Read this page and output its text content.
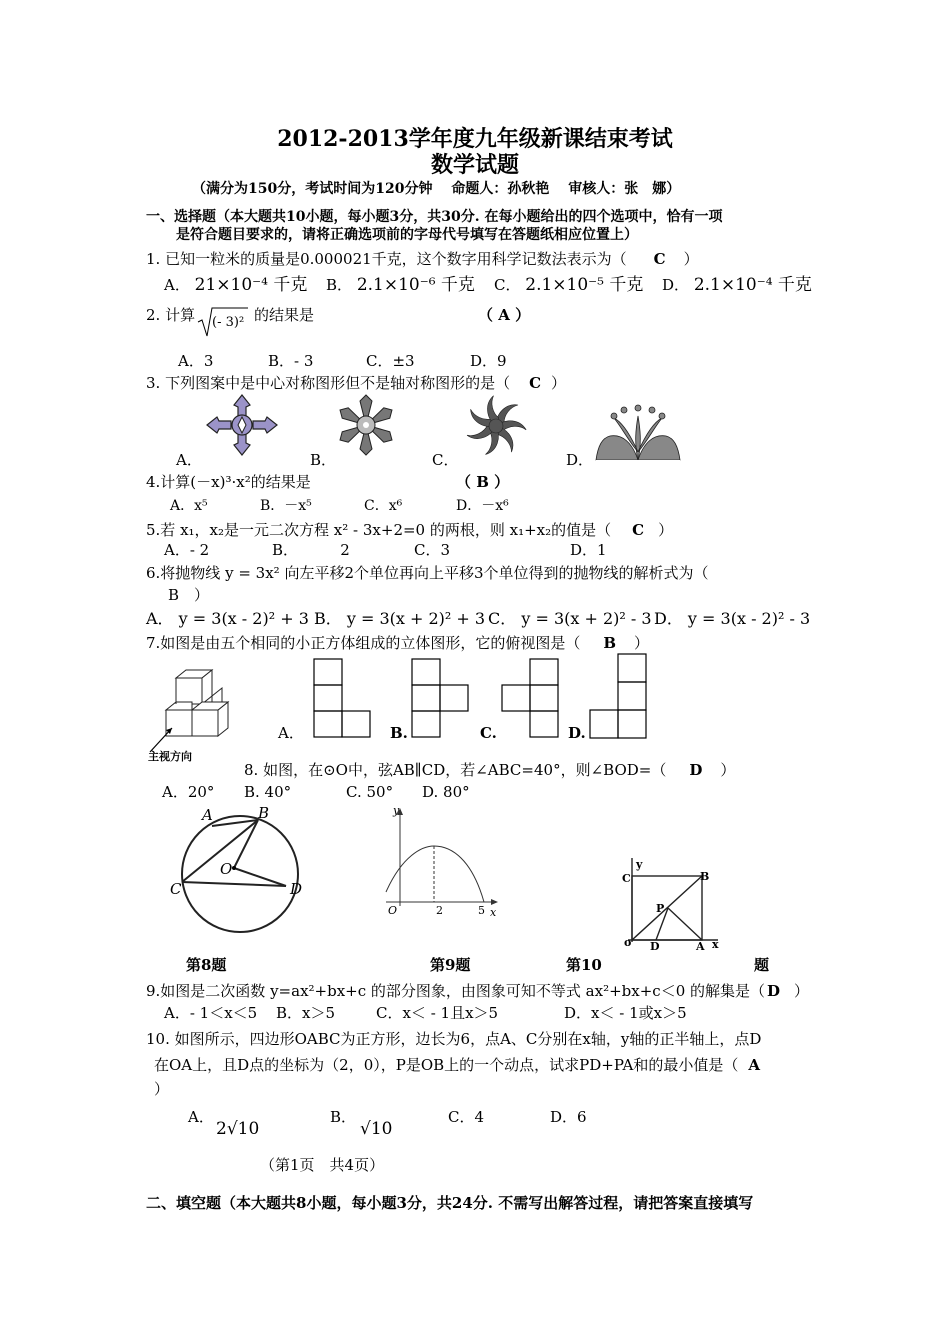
2012-2013学年度九年级新课结束考试
数学试题
（满分为150分，考试时间为120分钟　 命题人：孙秋艳　 审核人：张　娜）
一、选择题（本大题共10小题，每小题3分，共30分. 在每小题给出的四个选项中，恰有一项
是符合题目要求的，请将正确选项前的字母代号填写在答题纸相应位置上）
1. 已知一粒米的质量是0.000021千克，这个数字用科学记数法表示为（　C ）
A． 21×10⁻⁴ 千克 B． 2.1×10⁻⁶ 千克 C． 2.1×10⁻⁵ 千克 D． 2.1×10⁻⁴ 千克
2. 计算 (- 3)² 的结果是	（ A ）
A．3	B．- 3	C．±3	D．9
3. 下列图案中是中心对称图形但不是轴对称图形的是（　C ）
A．	B．	C．	D．
4.计算(－x)³·x²的结果是	（ B ）
A．x⁵	B．－x⁵	C．x⁶	D．－x⁶
5.若 x₁，x₂是一元二次方程 x² - 3x+2=0 的两根，则 x₁+x₂的值是（　C ）
A．- 2	B．　　　 2	C．3	D．1
6.将抛物线 y = 3x² 向左平移2个单位再向上平移3个单位得到的抛物线的解析式为（
B　）
A． y = 3(x - 2)² + 3 B． y = 3(x + 2)² + 3 C． y = 3(x + 2)² - 3 D． y = 3(x - 2)² - 3
7.如图是由五个相同的小正方体组成的立体图形，它的俯视图是（　B ）
主视方向
A．	B.	C.	D.
8. 如图，在⊙O中，弦AB∥CD，若∠ABC=40°，则∠BOD=（　D ）
A．20° B. 40°	C. 50° D. 80°
A	B
O
C	D
y
O	2	5 x
y
C	B
P
o D	A x
第8题	第9题	第10	题
9.如图是二次函数 y=ax²+bx+c 的部分图象，由图象可知不等式 ax²+bx+c＜0 的解集是（ D ）
A．- 1＜x＜5 B．x＞5	C．x＜ - 1且x＞5	D．x＜ - 1或x＞5
10. 如图所示，四边形OABC为正方形，边长为6，点A、C分别在x轴，y轴的正半轴上，点D
在OA上，且D点的坐标为（2，0），P是OB上的一个动点，试求PD+PA和的最小值是（ A
）
A．
2√10
B．
√10
C．4	D．6
（第1页　共4页）
二、填空题（本大题共8小题，每小题3分，共24分. 不需写出解答过程，请把答案直接填写
